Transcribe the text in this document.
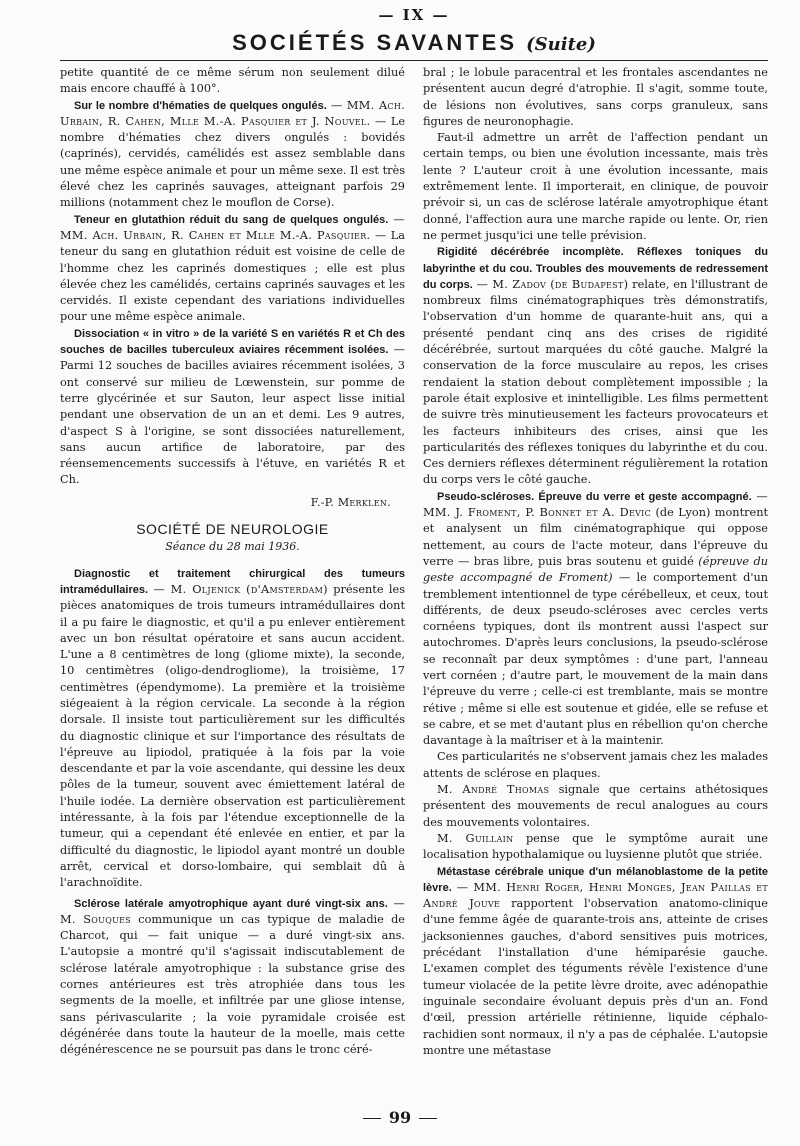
— IX —
SOCIÉTÉS SAVANTES (Suite)

petite quantité de ce même sérum non seulement dilué mais encore chauffé à 100°.

Sur le nombre d'hématies de quelques ongulés. — MM. Ach. Urbain, R. Cahen, Mlle M.-A. Pasquier et J. Nouvel. — Le nombre d'hématies chez divers ongulés : bovidés (caprinés), cervidés, camélidés est assez semblable dans une même espèce animale et pour un même sexe. Il est très élevé chez les caprinés sauvages, atteignant parfois 29 millions (notamment chez le mouflon de Corse).

Teneur en glutathion réduit du sang de quelques ongulés. — MM. Ach. Urbain, R. Cahen et Mlle M.-A. Pasquier. — La teneur du sang en glutathion réduit est voisine de celle de l'homme chez les caprinés domestiques ; elle est plus élevée chez les camélidés, certains caprinés sauvages et les cervidés. Il existe cependant des variations individuelles pour une même espèce animale.

Dissociation « in vitro » de la variété S en variétés R et Ch des souches de bacilles tuberculeux aviaires récemment isolées. — Parmi 12 souches de bacilles aviaires récemment isolées, 3 ont conservé sur milieu de Lœwenstein, sur pomme de terre glycérinée et sur Sauton, leur aspect lisse initial pendant une observation de un an et demi. Les 9 autres, d'aspect S à l'origine, se sont dissociées naturellement, sans aucun artifice de laboratoire, par des réensemencements successifs à l'étuve, en variétés R et Ch.

F.-P. Merklen.

SOCIÉTÉ DE NEUROLOGIE

Séance du 28 mai 1936.

Diagnostic et traitement chirurgical des tumeurs intramédullaires. — M. Oljenick (d'Amsterdam) présente les pièces anatomiques de trois tumeurs intramédullaires dont il a pu faire le diagnostic, et qu'il a pu enlever entièrement avec un bon résultat opératoire et sans aucun accident. L'une a 8 centimètres de long (gliome mixte), la seconde, 10 centimètres (oligo-dendrogliome), la troisième, 17 centimètres (épendymome). La première et la troisième siégeaient à la région cervicale. La seconde à la région dorsale. Il insiste tout particulièrement sur les difficultés du diagnostic clinique et sur l'importance des résultats de l'épreuve au lipiodol, pratiquée à la fois par la voie descendante et par la voie ascendante, qui dessine les deux pôles de la tumeur, souvent avec émiettement latéral de l'huile iodée. La dernière observation est particulièrement intéressante, à la fois par l'étendue exceptionnelle de la tumeur, qui a cependant été enlevée en entier, et par la difficulté du diagnostic, le lipiodol ayant montré un double arrêt, cervical et dorso-lombaire, qui semblait dû à l'arachnoïdite.

Sclérose latérale amyotrophique ayant duré vingt-six ans. — M. Souques communique un cas typique de maladie de Charcot, qui — fait unique — a duré vingt-six ans. L'autopsie a montré qu'il s'agissait indiscutablement de sclérose latérale amyotrophique : la substance grise des cornes antérieures est très atrophiée dans tous les segments de la moelle, et infiltrée par une gliose intense, sans périvascularite ; la voie pyramidale croisée est dégénérée dans toute la hauteur de la moelle, mais cette dégénérescence ne se poursuit pas dans le tronc céré-

bral ; le lobule paracentral et les frontales ascendantes ne présentent aucun degré d'atrophie. Il s'agit, somme toute, de lésions non évolutives, sans corps granuleux, sans figures de neuronophagie.

Faut-il admettre un arrêt de l'affection pendant un certain temps, ou bien une évolution incessante, mais très lente ? L'auteur croit à une évolution incessante, mais extrêmement lente. Il importerait, en clinique, de pouvoir prévoir si, un cas de sclérose latérale amyotrophique étant donné, l'affection aura une marche rapide ou lente. Or, rien ne permet jusqu'ici une telle prévision.

Rigidité décérébrée incomplète. Réflexes toniques du labyrinthe et du cou. Troubles des mouvements de redressement du corps. — M. Zadov (de Budapest) relate, en l'illustrant de nombreux films cinématographiques très démonstratifs, l'observation d'un homme de quarante-huit ans, qui a présenté pendant cinq ans des crises de rigidité décérébrée, surtout marquées du côté gauche. Malgré la conservation de la force musculaire au repos, les crises rendaient la station debout complètement impossible ; la parole était explosive et inintelligible. Les films permettent de suivre très minutieusement les facteurs provocateurs et les facteurs inhibiteurs des crises, ainsi que les particularités des réflexes toniques du labyrinthe et du cou. Ces derniers réflexes déterminent régulièrement la rotation du corps vers le côté gauche.

Pseudo-scléroses. Épreuve du verre et geste accompagné. — MM. J. Froment, P. Bonnet et A. Devic (de Lyon) montrent et analysent un film cinématographique qui oppose nettement, au cours de l'acte moteur, dans l'épreuve du verre — bras libre, puis bras soutenu et guidé (épreuve du geste accompagné de Froment) — le comportement d'un tremblement intentionnel de type cérébelleux, et ceux, tout différents, de deux pseudo-scléroses avec cercles verts cornéens typiques, dont ils montrent aussi l'aspect sur autochromes. D'après leurs conclusions, la pseudo-sclérose se reconnaît par deux symptômes : d'une part, l'anneau vert cornéen ; d'autre part, le mouvement de la main dans l'épreuve du verre ; celle-ci est tremblante, mais se montre rétive ; même si elle est soutenue et gidée, elle se refuse et se cabre, et se met d'autant plus en rébellion qu'on cherche davantage à la maîtriser et à la maintenir.

Ces particularités ne s'observent jamais chez les malades attents de sclérose en plaques.

M. André Thomas signale que certains athétosiques présentent des mouvements de recul analogues au cours des mouvements volontaires.

M. Guillain pense que le symptôme aurait une localisation hypothalamique ou luysienne plutôt que striée.

Métastase cérébrale unique d'un mélanoblastome de la petite lèvre. — MM. Henri Roger, Henri Monges, Jean Paillas et André Jouve rapportent l'observation anatomo-clinique d'une femme âgée de quarante-trois ans, atteinte de crises jacksoniennes gauches, d'abord sensitives puis motrices, précédant l'installation d'une hémiparésie gauche. L'examen complet des téguments révèle l'existence d'une tumeur violacée de la petite lèvre droite, avec adénopathie inguinale secondaire évoluant depuis près d'un an. Fond d'œil, pression artérielle rétinienne, liquide céphalo-rachidien sont normaux, il n'y a pas de céphalée. L'autopsie montre une métastase

99
